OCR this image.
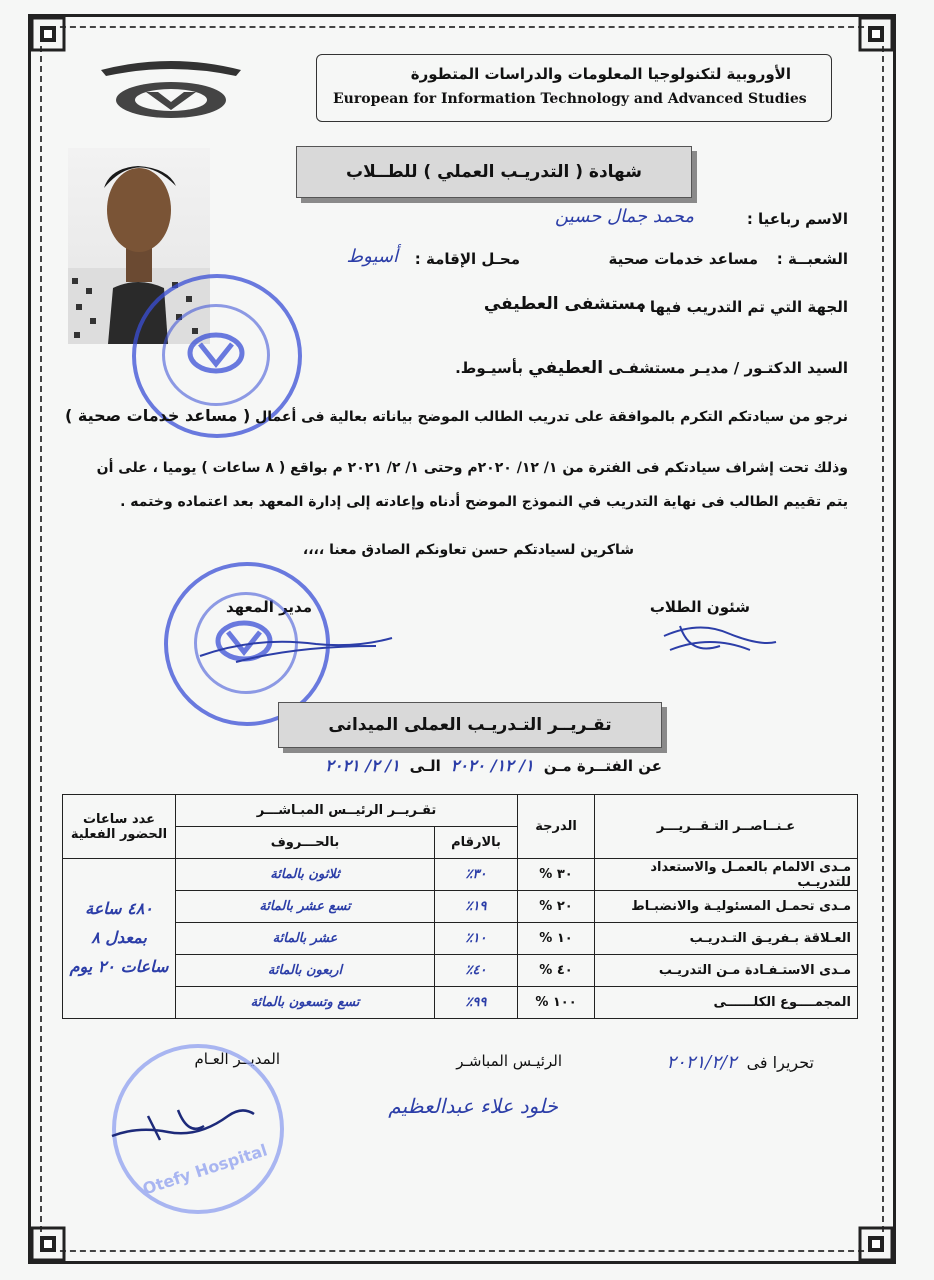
الأوروبية لتكنولوجيا المعلومات والدراسات المتطورة
European for Information Technology and Advanced Studies
شهادة ( التدريـب العملي ) للطــلاب
الاسم رباعيا :
محمد جمال حسين
الشعبــة :
مساعد خدمات صحية
محـل الإقامة :
أسيوط
الجهة التي تم التدريب فيها :
مستشفى العطيفي
السيد الدكتـور / مديـر مستشفـى العطيفي بأسيـوط.
نرجو من سيادتكم التكرم بالموافقة على تدريب الطالب الموضح بياناته بعالية فى أعمال ( مساعد خدمات صحية )
وذلك تحت إشراف سيادتكم فى الفترة من ١/ ١٢/ ٢٠٢٠م وحتى ١/ ٢/ ٢٠٢١ م بواقع ( ٨ ساعات ) يوميا ، على أن
يتم تقييم الطالب فى نهاية التدريب في النموذج الموضح أدناه وإعادته إلى إدارة المعهد بعد اعتماده وختمه .
شاكرين لسيادتكم حسن تعاونكم الصادق معنا ،،،،
شئون الطلاب
مدير المعهد
تقـريــر التـدريـب العملى الميدانى
عن الفتــرة مـن
١/ ١٢/ ٢٠٢٠
الـى
١/ ٢/ ٢٠٢١
عـنــاصــر التـقــريـــر	الدرجة	تقـريــر الرئيــس المبـاشـــر		عدد ساعات الحضور الفعلية
		بالارقام	بالحـــروف	
مـدى الالمام بالعمـل والاستعداد للتدريـب	٣٠ %	٣٠٪	ثلاثون بالمائة	٤٨٠ ساعة بمعدل ٨ ساعات ٢٠ يوم
مـدى تحمـل المسئوليـة والانضبـاط	٢٠ %	١٩٪	تسع عشر بالمائة	
العـلاقة بـفريـق التـدريـب	١٠ %	١٠٪	عشر بالمائة	
مـدى الاستـفـادة مـن التدريـب	٤٠ %	٤٠٪	اربعون بالمائة	
المجمــــوع الكلــــــى	١٠٠ %	٩٩٪	تسع وتسعون بالمائة	
تحريرا فى
٢٠٢١/٢/٢
الرئيـس المباشـر
خلود علاء عبدالعظيم
المديــر العـام
Otefy Hospital
